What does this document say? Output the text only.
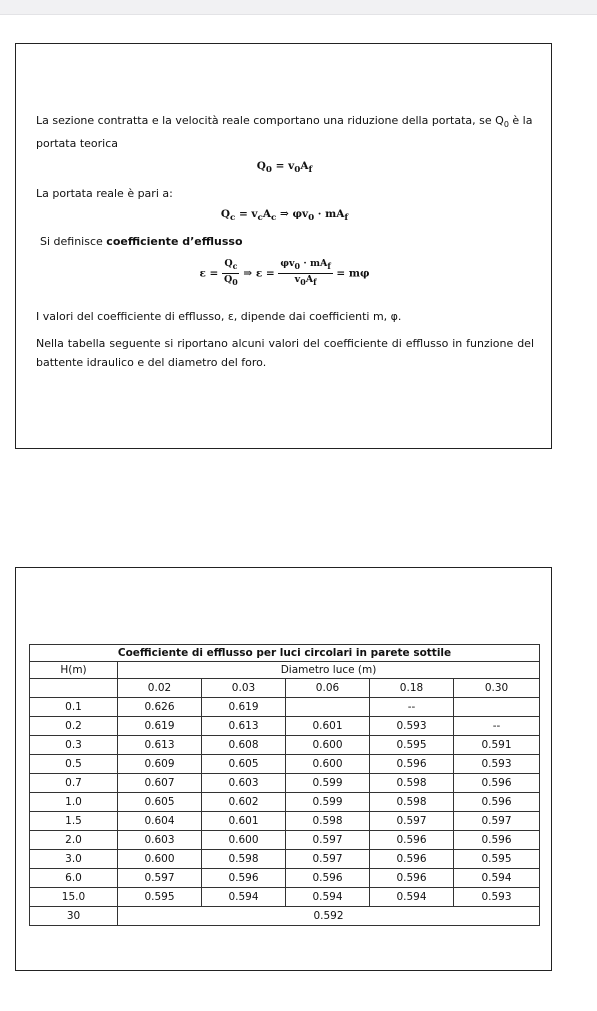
La sezione contratta e la velocità reale comportano una riduzione della portata, se $Q_0$ è la portata teorica

$Q_0 = v_0A_f$

La portata reale è pari a:

$Q_c = v_cA_c$ ⇒ $\varphi v_0 \cdot mA_f$

Si definisce coefficiente d’efflusso

$\varepsilon = \frac{Q_c}{Q_0}$ ⇒ $\varepsilon = \frac{\varphi v_0 \cdot mA_f}{v_0A_f} = m\varphi$

I valori del coefficiente di efflusso, ε, dipende dai coefficienti m, φ.

Nella tabella seguente si riportano alcuni valori del coefficiente di efflusso in funzione del battente idraulico e del diametro del foro.

Coefficiente di efflusso per luci circolari in parete sottile					
H(m)	Diametro luce (m)				
	0.02	0.03	0.06	0.18	0.30
0.1	0.626	0.619		--	
0.2	0.619	0.613	0.601	0.593	--
0.3	0.613	0.608	0.600	0.595	0.591
0.5	0.609	0.605	0.600	0.596	0.593
0.7	0.607	0.603	0.599	0.598	0.596
1.0	0.605	0.602	0.599	0.598	0.596
1.5	0.604	0.601	0.598	0.597	0.597
2.0	0.603	0.600	0.597	0.596	0.596
3.0	0.600	0.598	0.597	0.596	0.595
6.0	0.597	0.596	0.596	0.596	0.594
15.0	0.595	0.594	0.594	0.594	0.593
30	0.592				
